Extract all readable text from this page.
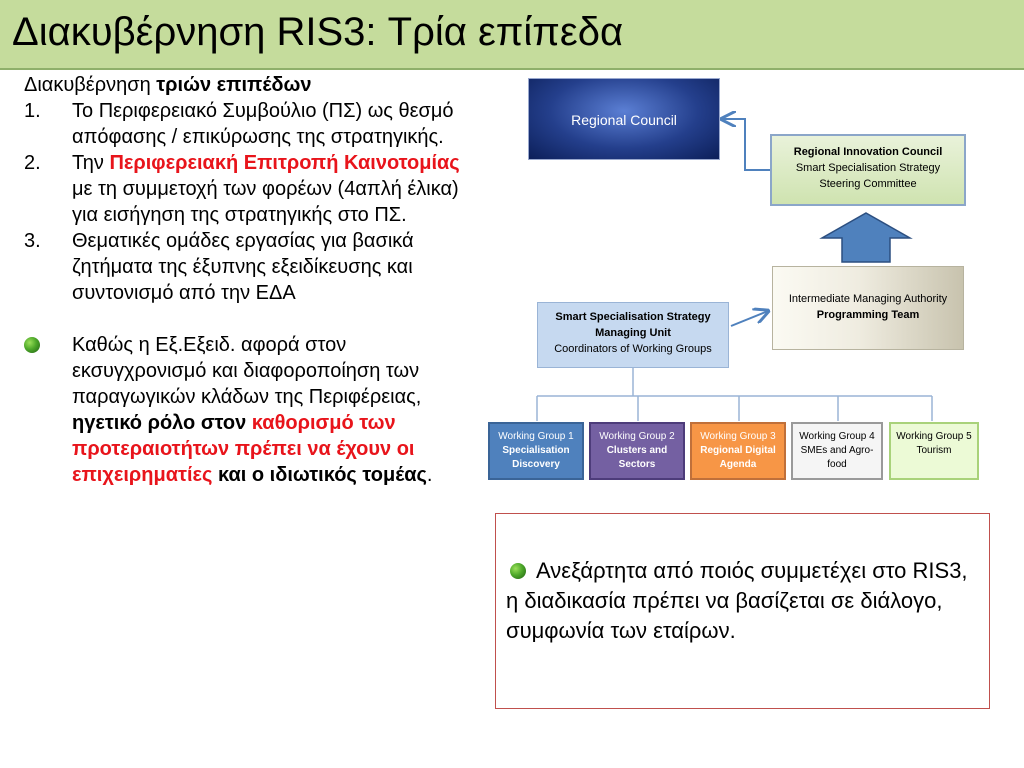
Διακυβέρνηση RIS3: Τρία επίπεδα
Διακυβέρνηση τριών επιπέδων
1. Το Περιφερειακό Συμβούλιο (ΠΣ) ως θεσμό απόφασης / επικύρωσης της στρατηγικής.
2. Την Περιφερειακή Επιτροπή Καινοτομίας με τη συμμετοχή των φορέων (4απλή έλικα) για εισήγηση της στρατηγικής στο ΠΣ.
3. Θεματικές ομάδες εργασίας για βασικά ζητήματα της έξυπνης εξειδίκευσης και συντονισμό από την ΕΔΑ
Καθώς η Εξ.Εξειδ. αφορά στον εκσυγχρονισμό και διαφοροποίηση των παραγωγικών κλάδων της Περιφέρειας, ηγετικό ρόλο στον καθορισμό των προτεραιοτήτων πρέπει να έχουν οι επιχειρηματίες και ο ιδιωτικός τομέας.
Regional Council
Regional Innovation Council
Smart Specialisation Strategy
Steering Committee
Intermediate Managing Authority
Programming Team
Smart Specialisation Strategy
Managing Unit
Coordinators of Working Groups
Working Group 1
Specialisation
Discovery
Working Group 2
Clusters and
Sectors
Working Group 3
Regional Digital
Agenda
Working Group 4
SMEs and Agro-
food
Working Group 5
Tourism
Ανεξάρτητα από ποιός συμμετέχει στο RIS3, η διαδικασία πρέπει να βασίζεται σε διάλογο, συμφωνία των εταίρων.
